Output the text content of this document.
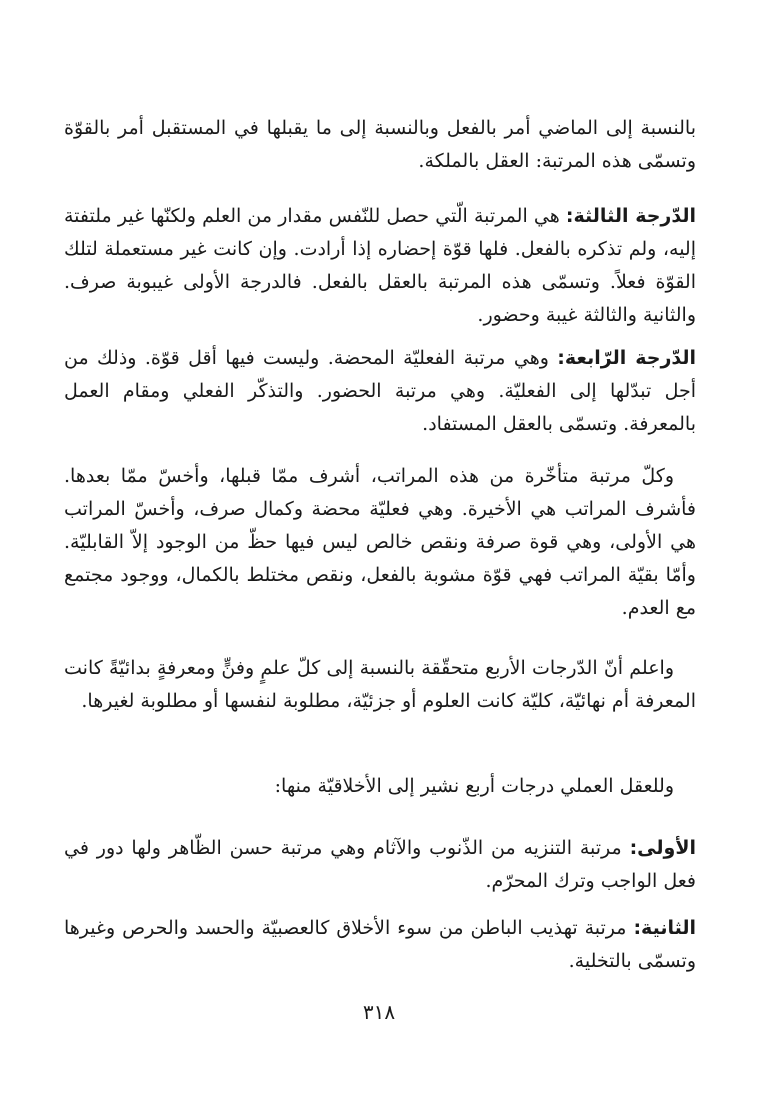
بالنسبة إلى الماضي أمر بالفعل وبالنسبة إلى ما يقبلها في المستقبل أمر بالقوّة وتسمّى هذه المرتبة: العقل بالملكة.

الدّرجة الثالثة: هي المرتبة الّتي حصل للنّفس مقدار من العلم ولكنّها غير ملتفتة إليه، ولم تذكره بالفعل. فلها قوّة إحضاره إذا أرادت. وإن كانت غير مستعملة لتلك القوّة فعلاً. وتسمّى هذه المرتبة بالعقل بالفعل. فالدرجة الأولى غيبوبة صرف. والثانية والثالثة غيبة وحضور.

الدّرجة الرّابعة: وهي مرتبة الفعليّة المحضة. وليست فيها أقل قوّة. وذلك من أجل تبدّلها إلى الفعليّة. وهي مرتبة الحضور. والتذكّر الفعلي ومقام العمل بالمعرفة. وتسمّى بالعقل المستفاد.

وكلّ مرتبة متأخّرة من هذه المراتب، أشرف ممّا قبلها، وأخسّ ممّا بعدها. فأشرف المراتب هي الأخيرة. وهي فعليّة محضة وكمال صرف، وأخسّ المراتب هي الأولى، وهي قوة صرفة ونقص خالص ليس فيها حظّ من الوجود إلاّ القابليّة. وأمّا بقيّة المراتب فهي قوّة مشوبة بالفعل، ونقص مختلط بالكمال، ووجود مجتمع مع العدم.

واعلم أنّ الدّرجات الأربع متحقّقة بالنسبة إلى كلّ علمٍ وفنٍّ ومعرفةٍ بدائيّةً كانت المعرفة أم نهائيّة، كليّة كانت العلوم أو جزئيّة، مطلوبة لنفسها أو مطلوبة لغيرها.

وللعقل العملي درجات أربع نشير إلى الأخلاقيّة منها:

الأولى: مرتبة التنزيه من الذّنوب والآثام وهي مرتبة حسن الظّاهر ولها دور في فعل الواجب وترك المحرّم.

الثانية: مرتبة تهذيب الباطن من سوء الأخلاق كالعصبيّة والحسد والحرص وغيرها وتسمّى بالتخلية.

٣١٨
